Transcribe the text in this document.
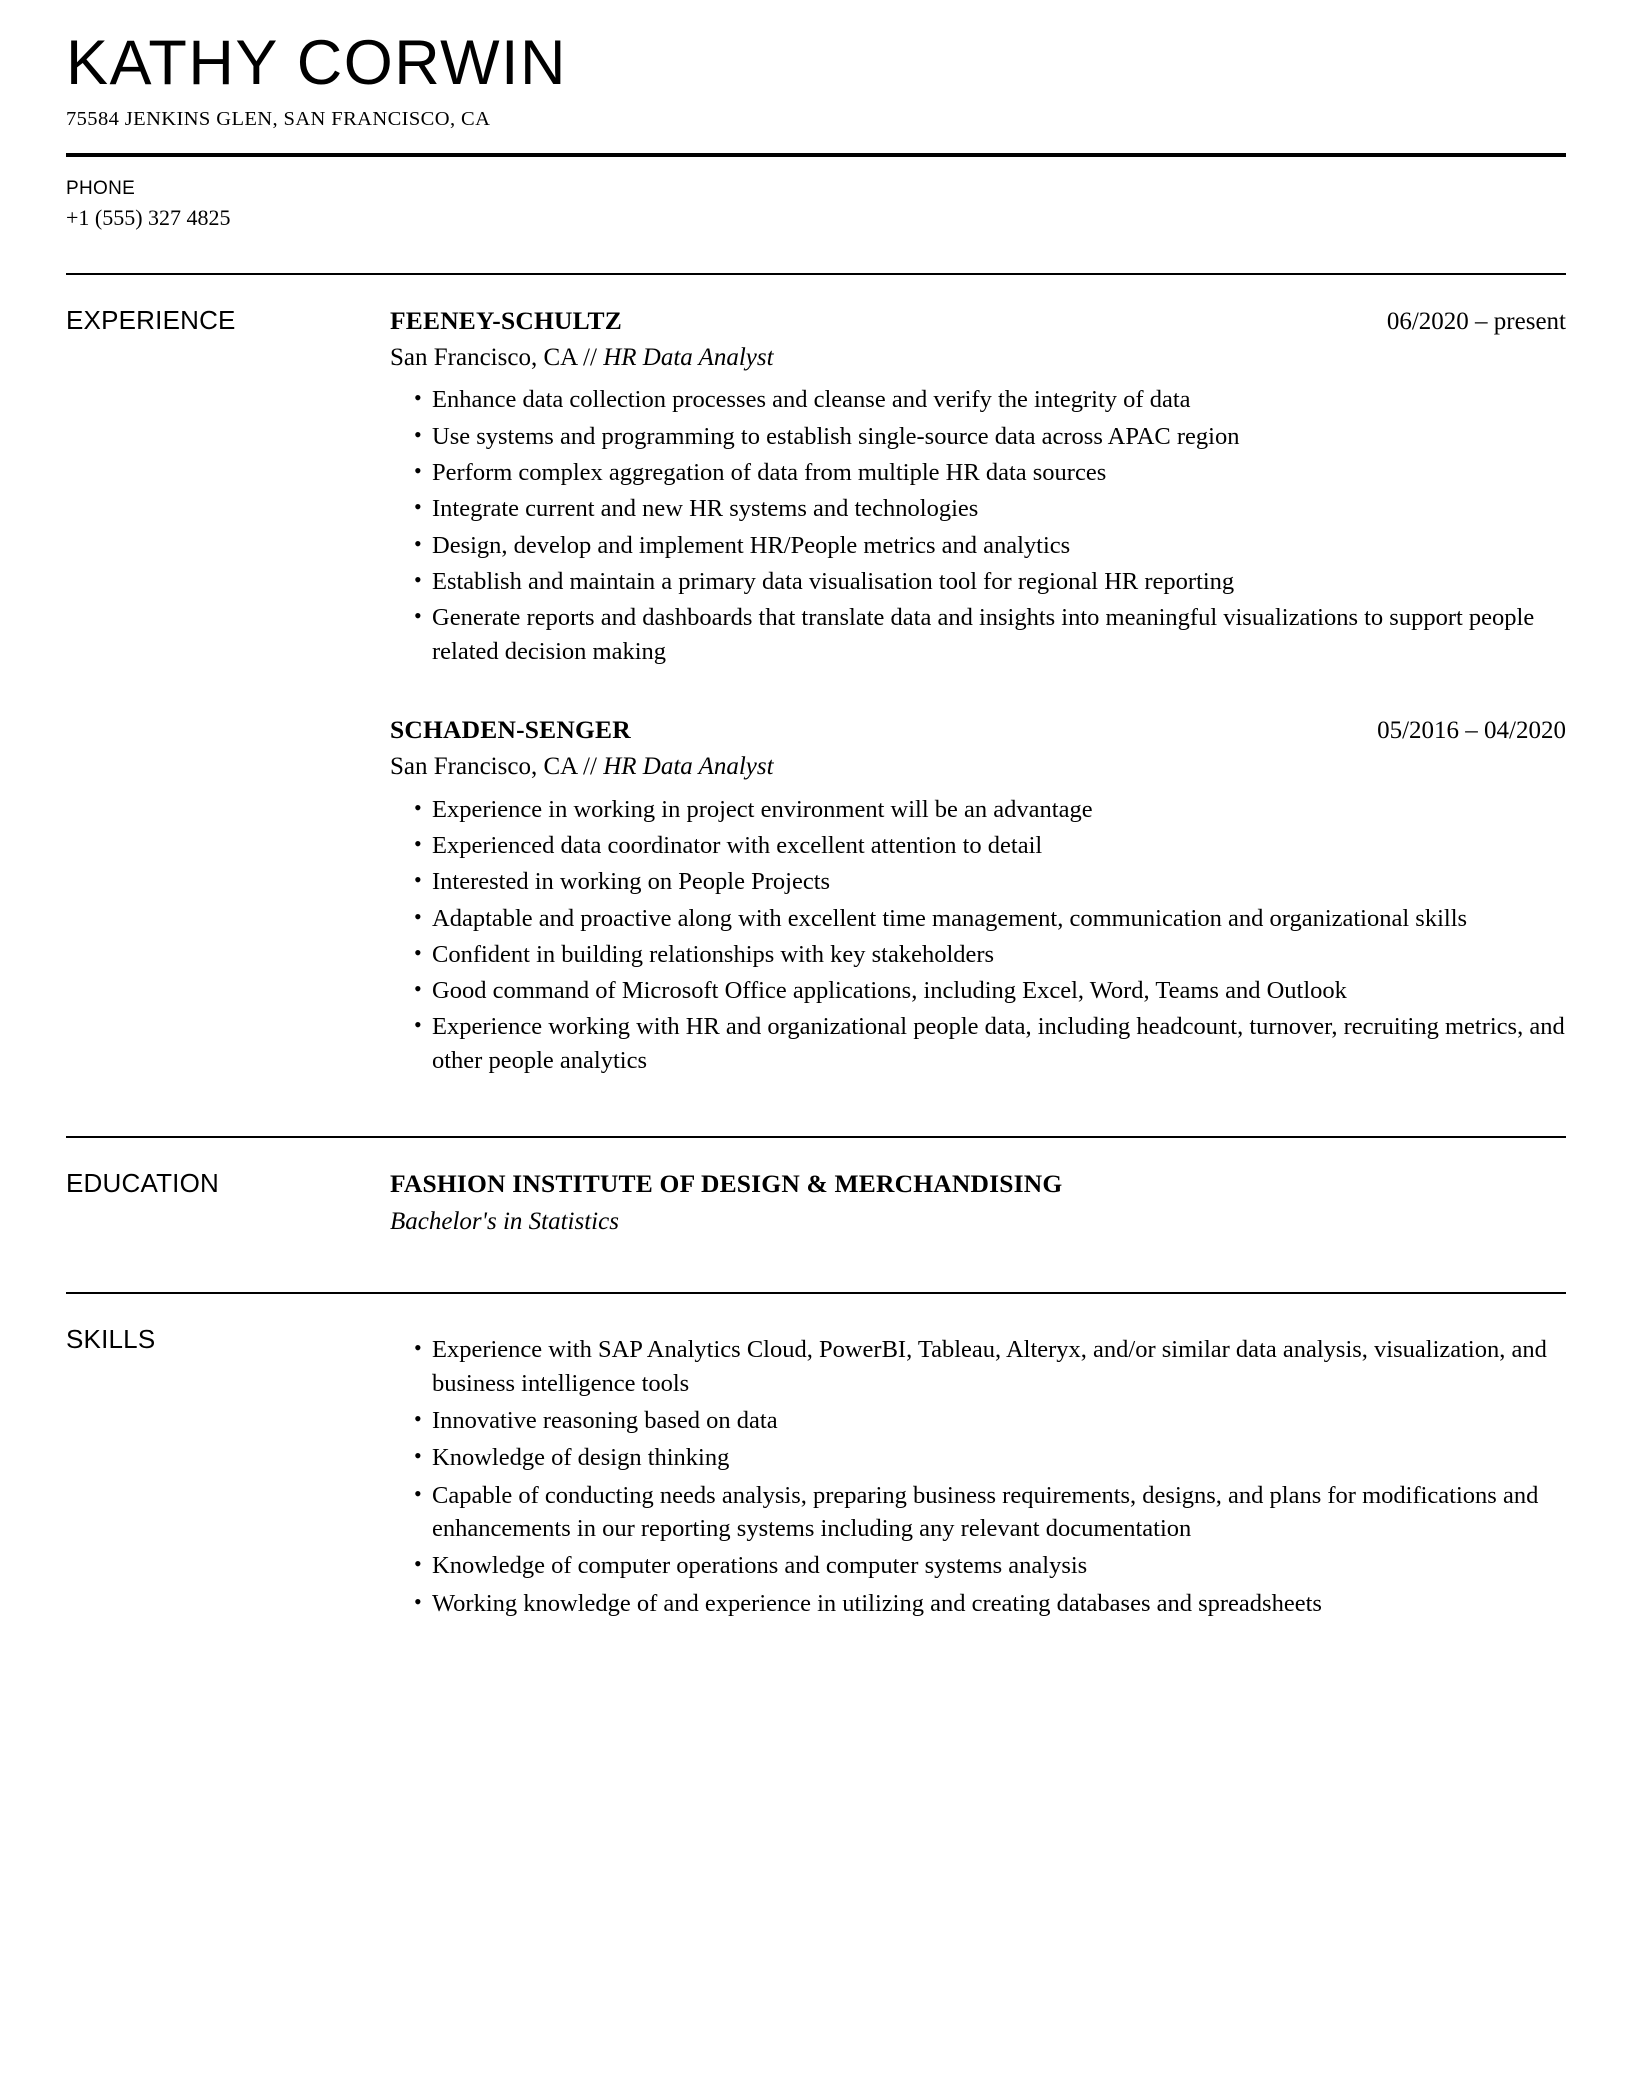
KATHY CORWIN

75584 JENKINS GLEN, SAN FRANCISCO, CA

PHONE

+1 (555) 327 4825

EXPERIENCE	FEENEY-SCHULTZ	06/2020 – present

San Francisco, CA // HR Data Analyst

• Enhance data collection processes and cleanse and verify the integrity of data
• Use systems and programming to establish single-source data across APAC region
• Perform complex aggregation of data from multiple HR data sources
• Integrate current and new HR systems and technologies
• Design, develop and implement HR/People metrics and analytics
• Establish and maintain a primary data visualisation tool for regional HR reporting
• Generate reports and dashboards that translate data and insights into meaningful visualizations to support people related decision making

SCHADEN-SENGER	05/2016 – 04/2020

San Francisco, CA // HR Data Analyst

• Experience in working in project environment will be an advantage
• Experienced data coordinator with excellent attention to detail
• Interested in working on People Projects
• Adaptable and proactive along with excellent time management, communication and organizational skills
• Confident in building relationships with key stakeholders
• Good command of Microsoft Office applications, including Excel, Word, Teams and Outlook
• Experience working with HR and organizational people data, including headcount, turnover, recruiting metrics, and other people analytics

EDUCATION	FASHION INSTITUTE OF DESIGN & MERCHANDISING

Bachelor's in Statistics

SKILLS	• Experience with SAP Analytics Cloud, PowerBI, Tableau, Alteryx, and/or similar data analysis, visualization, and business intelligence tools
• Innovative reasoning based on data
• Knowledge of design thinking
• Capable of conducting needs analysis, preparing business requirements, designs, and plans for modifications and enhancements in our reporting systems including any relevant documentation
• Knowledge of computer operations and computer systems analysis
• Working knowledge of and experience in utilizing and creating databases and spreadsheets
